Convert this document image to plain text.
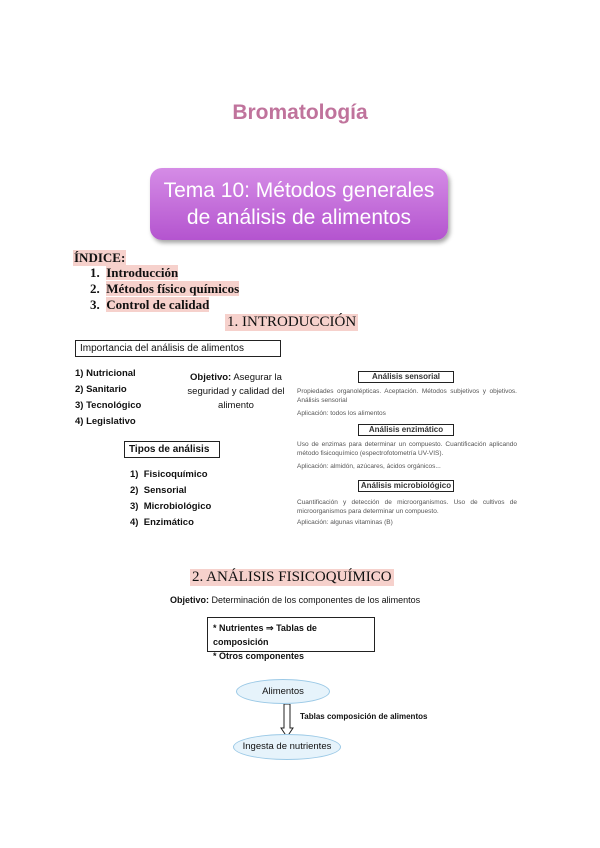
Bromatología
Tema 10: Métodos generales
de análisis de alimentos
ÍNDICE:
1. Introducción
2. Métodos físico químicos
3. Control de calidad
1. INTRODUCCIÓN
Importancia del análisis de alimentos
1) Nutricional
2) Sanitario
3) Tecnológico
4) Legislativo
Objetivo: Asegurar la seguridad y calidad del alimento
Tipos de análisis
1) Fisicoquímico
2) Sensorial
3) Microbiológico
4) Enzimático
Análisis sensorial
Propiedades organolépticas. Aceptación. Métodos subjetivos y objetivos. Análisis sensorial
Aplicación: todos los alimentos
Análisis enzimático
Uso de enzimas para determinar un compuesto. Cuantificación aplicando método fisicoquímico (espectrofotometría UV-VIS).
Aplicación: almidón, azúcares, ácidos orgánicos...
Análisis microbiológico
Cuantificación y detección de microorganismos. Uso de cultivos de microorganismos para determinar un compuesto.
Aplicación: algunas vitaminas (B)
2. ANÁLISIS FISICOQUÍMICO
Objetivo: Determinación de los componentes de los alimentos
* Nutrientes ⇒ Tablas de composición
* Otros componentes
Alimentos
Tablas composición de alimentos
Ingesta de nutrientes
